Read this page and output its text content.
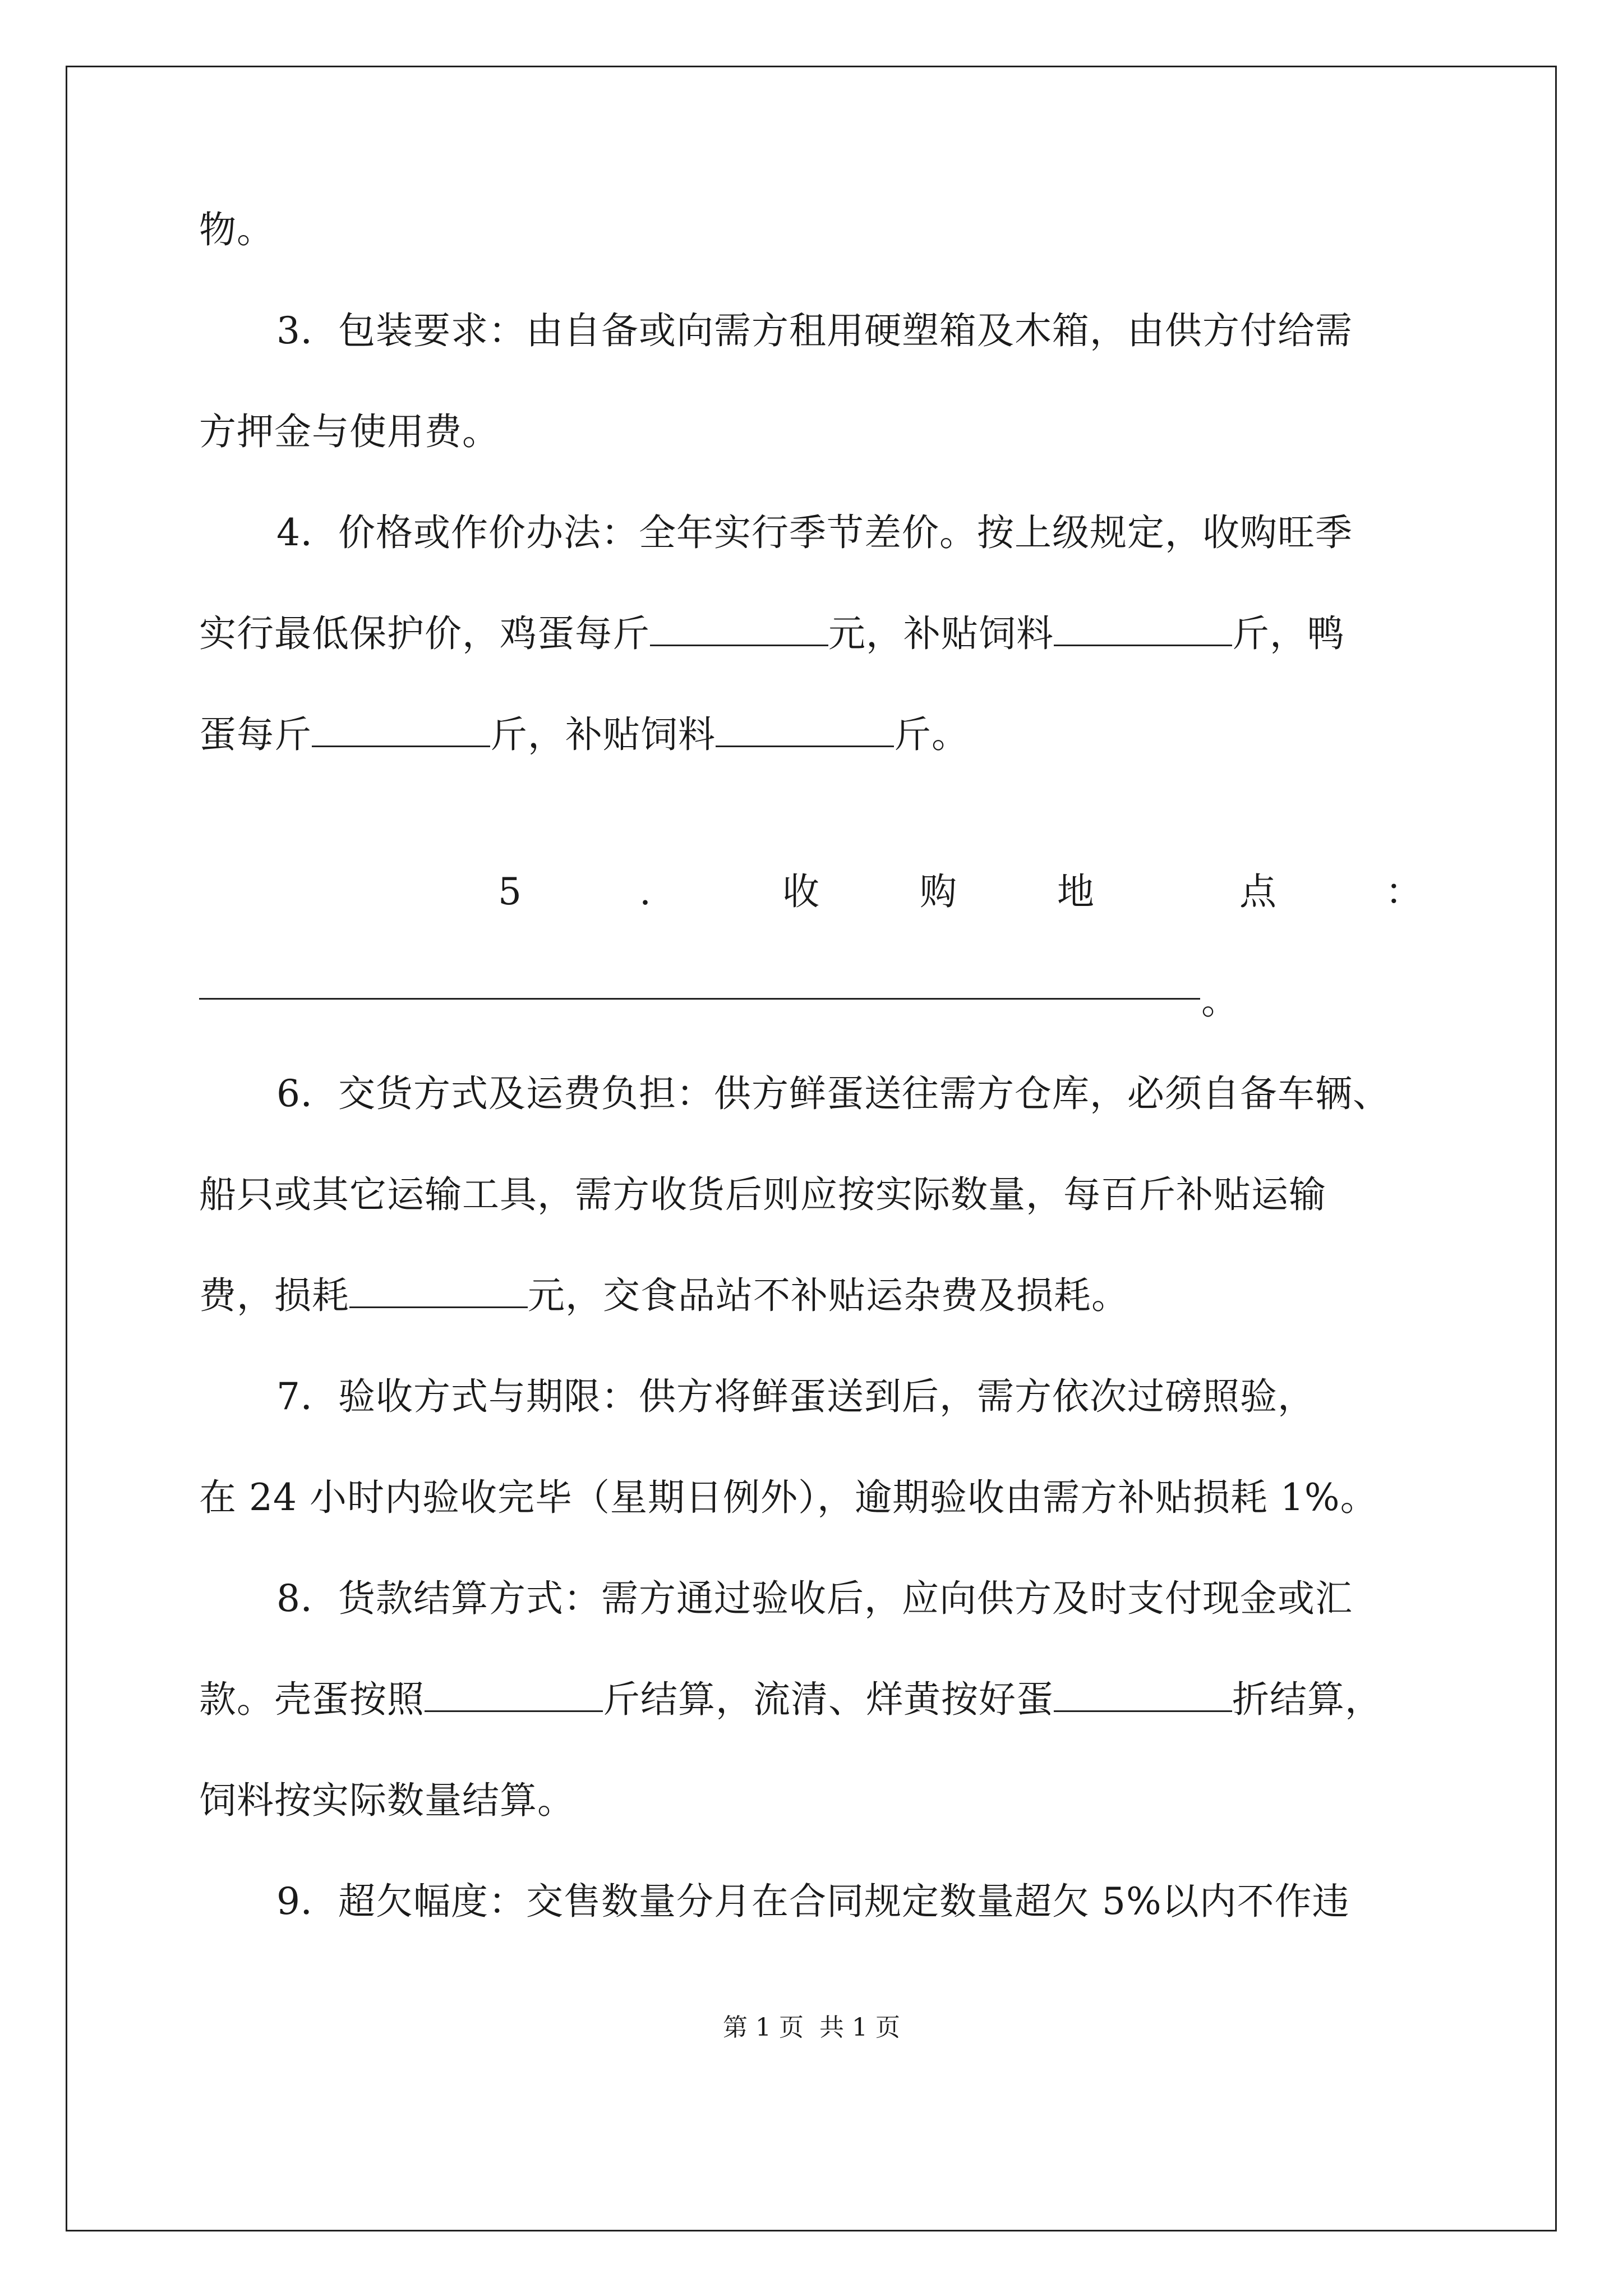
物。
3．包装要求：由自备或向需方租用硬塑箱及木箱，由供方付给需
方押金与使用费。
4．价格或作价办法：全年实行季节差价。按上级规定，收购旺季
实行最低保护价，鸡蛋每斤	元，补贴饲料	斤，鸭
蛋每斤	斤，补贴饲料	斤。
5	.	收	购	地	点	：
。
6．交货方式及运费负担：供方鲜蛋送往需方仓库，必须自备车辆、
船只或其它运输工具，需方收货后则应按实际数量，每百斤补贴运输
费，损耗	元，交食品站不补贴运杂费及损耗。
7．验收方式与期限：供方将鲜蛋送到后，需方依次过磅照验，
在 24 小时内验收完毕（星期日例外），逾期验收由需方补贴损耗 1%。
8．货款结算方式：需方通过验收后，应向供方及时支付现金或汇
款。壳蛋按照	斤结算，流清、烊黄按好蛋	折结算，
饲料按实际数量结算。
9．超欠幅度：交售数量分月在合同规定数量超欠 5%以内不作违
第 1 页 共 1 页
